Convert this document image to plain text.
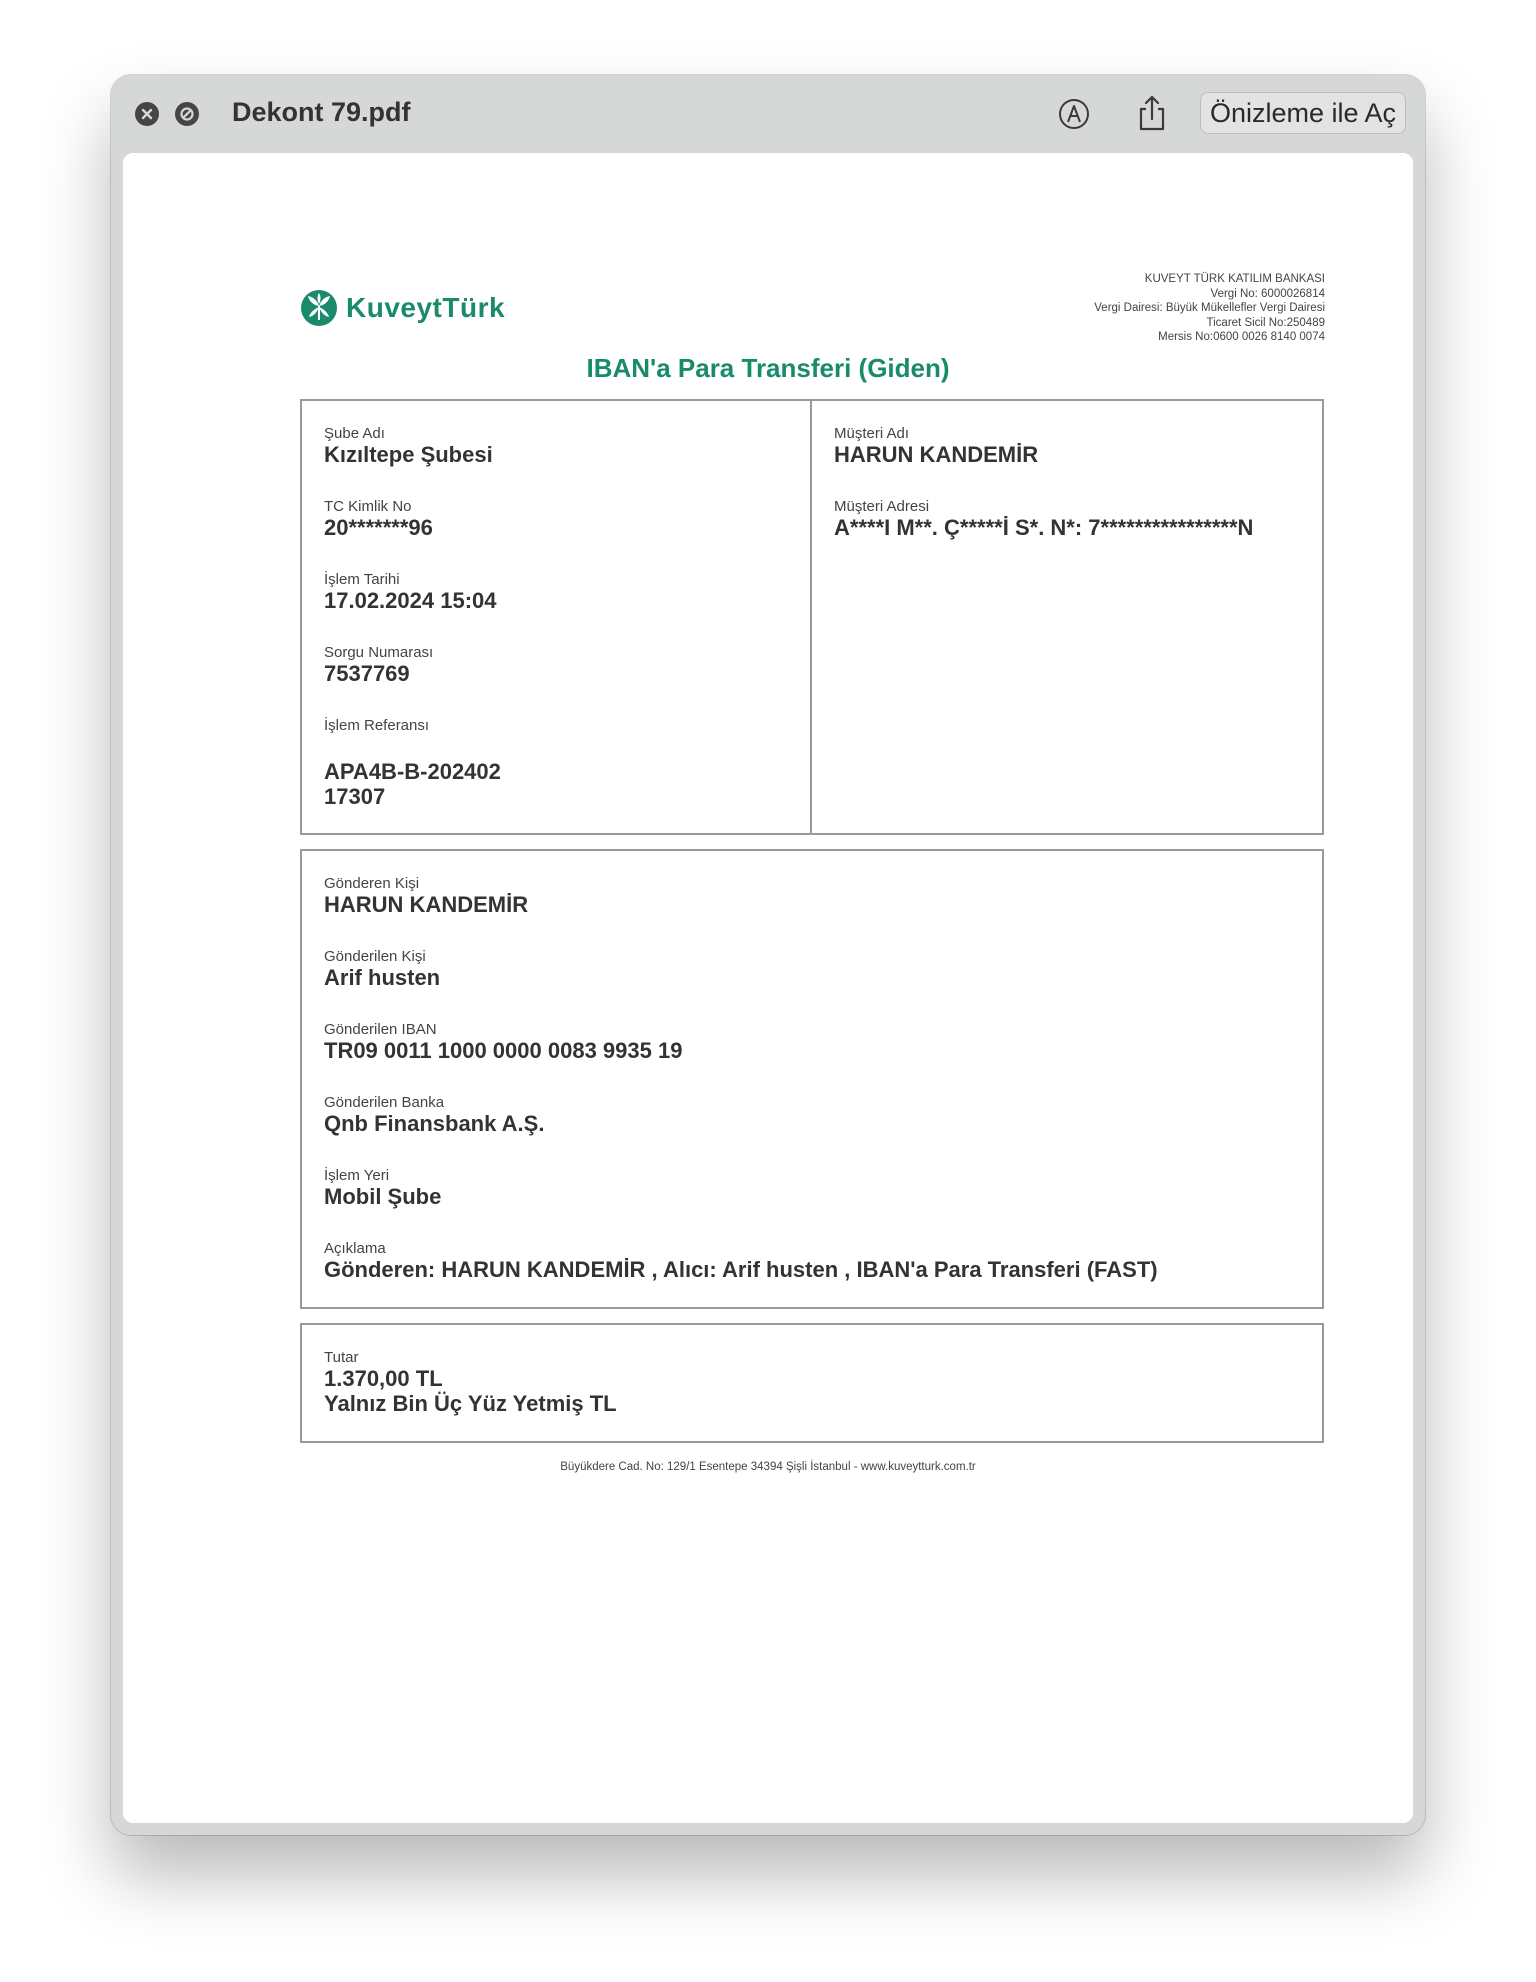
Dekont 79.pdf	Önizleme ile Aç
KuveytTürk
KUVEYT TÜRK KATILIM BANKASI
Vergi No: 6000026814
Vergi Dairesi: Büyük Mükellefler Vergi Dairesi
Ticaret Sicil No:250489
Mersis No:0600 0026 8140 0074
IBAN'a Para Transferi (Giden)
Şube Adı
Kızıltepe Şubesi
TC Kimlik No
20*******96
İşlem Tarihi
17.02.2024 15:04
Sorgu Numarası
7537769
İşlem Referansı
APA4B-B-202402
17307
Müşteri Adı
HARUN KANDEMİR
Müşteri Adresi
A****I M**. Ç*****İ S*. N*: 7****************N
Gönderen Kişi
HARUN KANDEMİR
Gönderilen Kişi
Arif husten
Gönderilen IBAN
TR09 0011 1000 0000 0083 9935 19
Gönderilen Banka
Qnb Finansbank A.Ş.
İşlem Yeri
Mobil Şube
Açıklama
Gönderen: HARUN KANDEMİR , Alıcı: Arif husten , IBAN'a Para Transferi (FAST)
Tutar
1.370,00 TL
Yalnız Bin Üç Yüz Yetmiş TL
Büyükdere Cad. No: 129/1 Esentepe 34394 Şişli İstanbul - www.kuveytturk.com.tr
